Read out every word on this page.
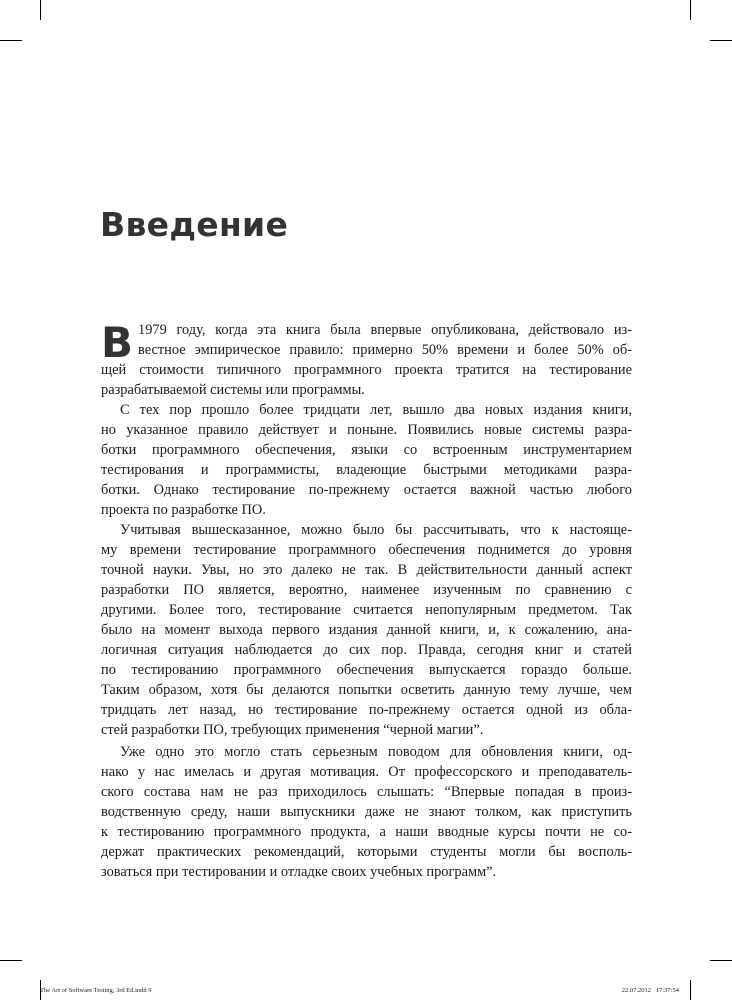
Введение
В 1979 году, когда эта книга была впервые опубликована, действовало из-
вестное эмпирическое правило: примерно 50% времени и более 50% об-
щей стоимости типичного программного проекта тратится на тестирование
разрабатываемой системы или программы.
С тех пор прошло более тридцати лет, вышло два новых издания книги,
но указанное правило действует и поныне. Появились новые системы разра-
ботки программного обеспечения, языки со встроенным инструментарием
тестирования и программисты, владеющие быстрыми методиками разра-
ботки. Однако тестирование по-прежнему остается важной частью любого
проекта по разработке ПО.
Учитывая вышесказанное, можно было бы рассчитывать, что к настояще-
му времени тестирование программного обеспечения поднимется до уровня
точной науки. Увы, но это далеко не так. В действительности данный аспект
разработки ПО является, вероятно, наименее изученным по сравнению с
другими. Более того, тестирование считается непопулярным предметом. Так
было на момент выхода первого издания данной книги, и, к сожалению, ана-
логичная ситуация наблюдается до сих пор. Правда, сегодня книг и статей
по тестированию программного обеспечения выпускается гораздо больше.
Таким образом, хотя бы делаются попытки осветить данную тему лучше, чем
тридцать лет назад, но тестирование по-прежнему остается одной из обла-
стей разработки ПО, требующих применения “черной магии”.
Уже одно это могло стать серьезным поводом для обновления книги, од-
нако у нас имелась и другая мотивация. От профессорского и преподаватель-
ского состава нам не раз приходилось слышать: “Впервые попадая в произ-
водственную среду, наши выпускники даже не знают толком, как приступить
к тестированию программного продукта, а наши вводные курсы почти не со-
держат практических рекомендаций, которыми студенты могли бы восполь-
зоваться при тестировании и отладке своих учебных программ”.
The Art of Software Testing, 3rd Ed.indd 9	22.07.2012 17:37:54
